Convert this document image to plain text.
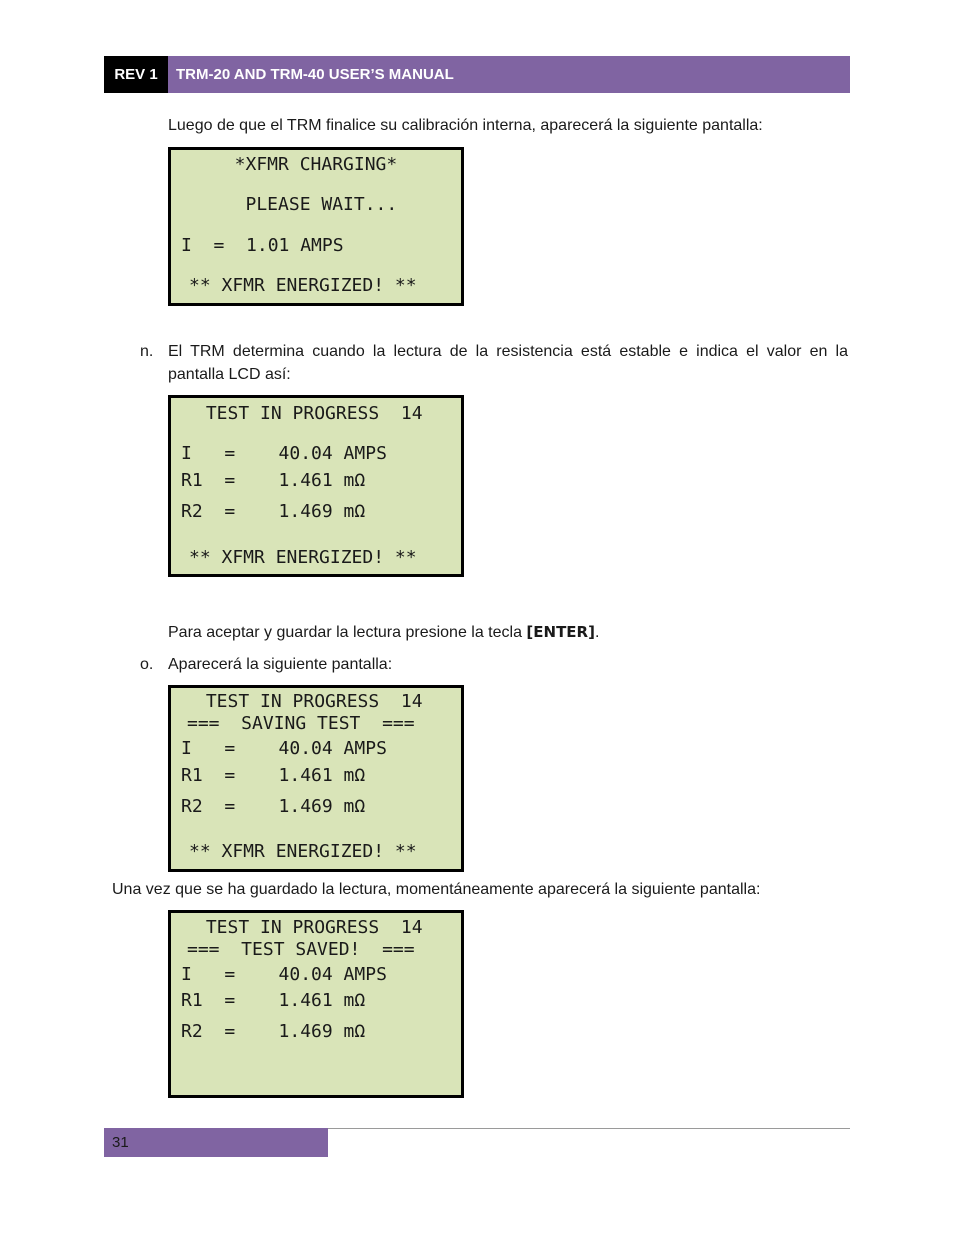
REV 1	TRM-20 AND TRM-40 USER’S MANUAL
Luego de que el TRM finalice su calibración interna, aparecerá la siguiente pantalla:
*XFMR CHARGING*
PLEASE WAIT...
I  =  1.01 AMPS
** XFMR ENERGIZED! **
n. El TRM determina cuando la lectura de la resistencia está estable e indica el valor en la pantalla LCD así:
TEST IN PROGRESS  14
I   =    40.04 AMPS
R1  =    1.461 mΩ
R2  =    1.469 mΩ
** XFMR ENERGIZED! **
Para aceptar y guardar la lectura presione la tecla [ENTER].
o. Aparecerá la siguiente pantalla:
TEST IN PROGRESS  14
===  SAVING TEST  ===
I   =    40.04 AMPS
R1  =    1.461 mΩ
R2  =    1.469 mΩ
** XFMR ENERGIZED! **
Una vez que se ha guardado la lectura, momentáneamente aparecerá la siguiente pantalla:
TEST IN PROGRESS  14
===  TEST SAVED!  ===
I   =    40.04 AMPS
R1  =    1.461 mΩ
R2  =    1.469 mΩ
31
